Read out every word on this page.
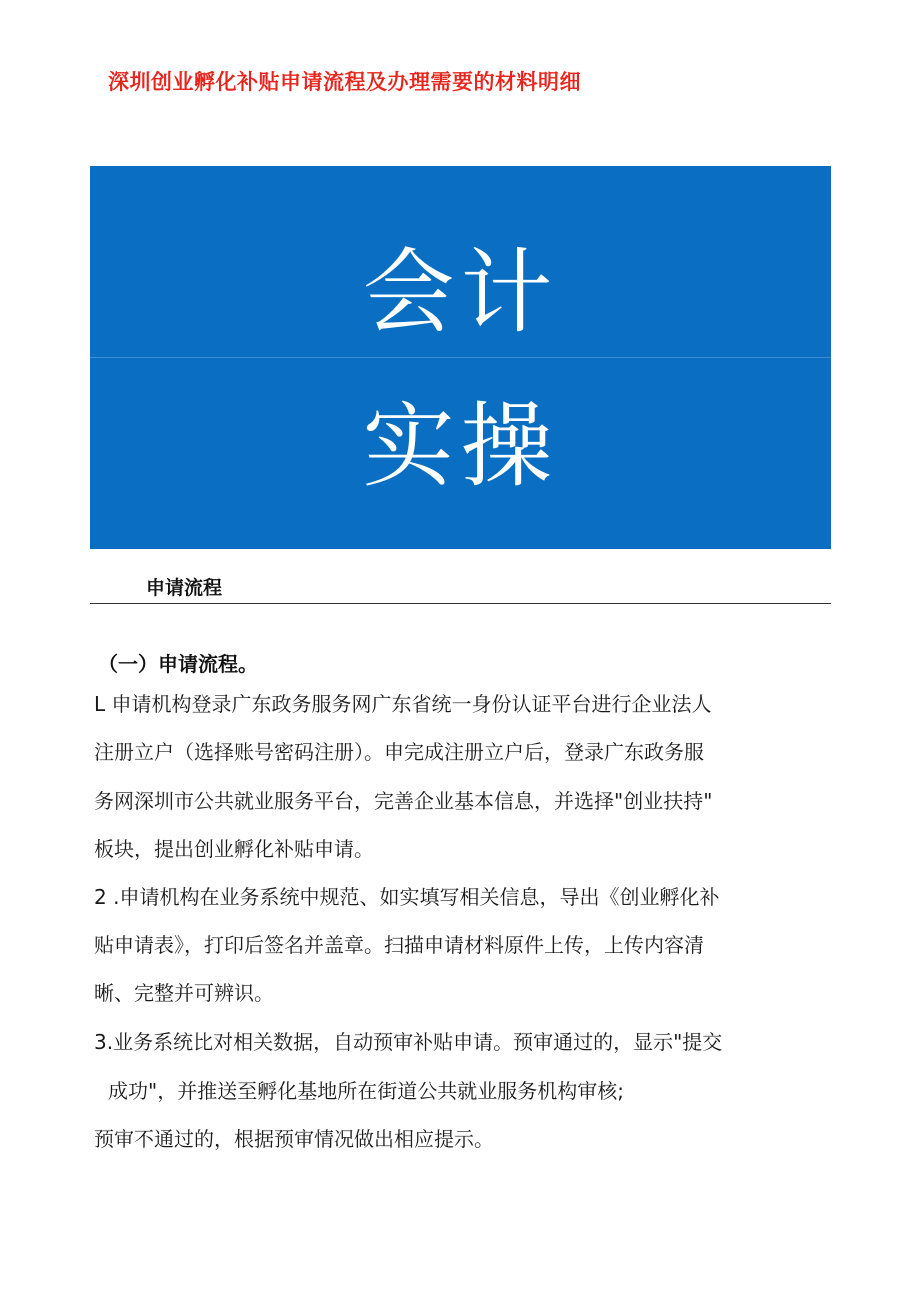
深圳创业孵化补贴申请流程及办理需要的材料明细
会计
实操
申请流程
（一）申请流程。
L 申请机构登录广东政务服务网广东省统一身份认证平台进行企业法人
注册立户（选择账号密码注册）。申完成注册立户后，登录广东政务服
务网深圳市公共就业服务平台，完善企业基本信息，并选择"创业扶持"
板块，提出创业孵化补贴申请。
2 .申请机构在业务系统中规范、如实填写相关信息，导出《创业孵化补
贴申请表》，打印后签名并盖章。扫描申请材料原件上传，上传内容清
晰、完整并可辨识。
3.业务系统比对相关数据，自动预审补贴申请。预审通过的，显示"提交
成功"，并推送至孵化基地所在街道公共就业服务机构审核;
预审不通过的，根据预审情况做出相应提示。
